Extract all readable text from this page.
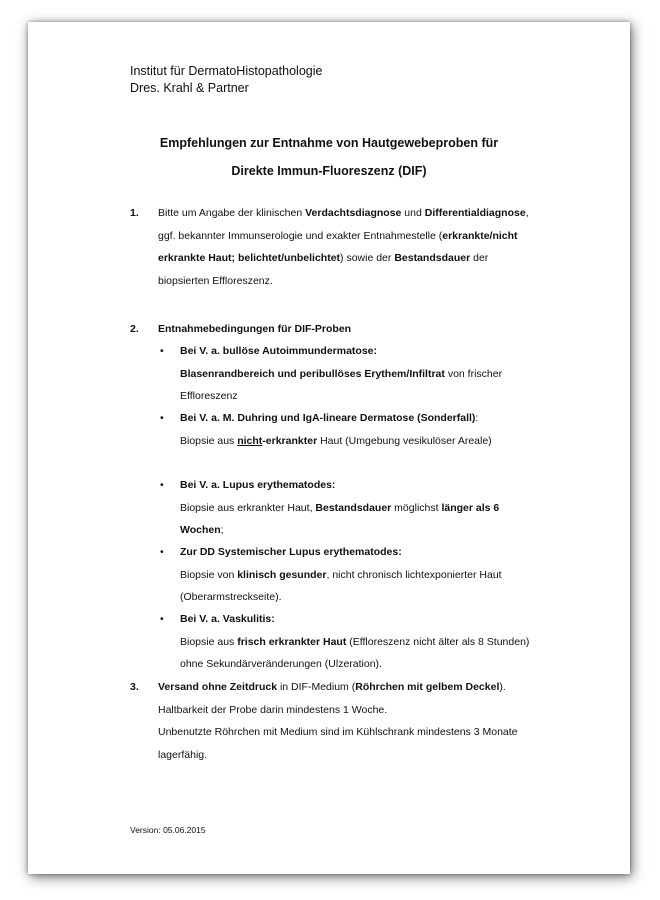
Institut für DermatoHistopathologie
Dres. Krahl & Partner
Empfehlungen zur Entnahme von Hautgewebeproben für
Direkte Immun-Fluoreszenz (DIF)
1. Bitte um Angabe der klinischen Verdachtsdiagnose und Differentialdiagnose,
ggf. bekannter Immunserologie und exakter Entnahmestelle (erkrankte/nicht
erkrankte Haut; belichtet/unbelichtet) sowie der Bestandsdauer der
biopsierten Effloreszenz.
2. Entnahmebedingungen für DIF-Proben
• Bei V. a. bullöse Autoimmundermatose:
Blasenrandbereich und peribullöses Erythem/Infiltrat von frischer
Effloreszenz
• Bei V. a. M. Duhring und IgA-lineare Dermatose (Sonderfall):
Biopsie aus nicht-erkrankter Haut (Umgebung vesikulöser Areale)
• Bei V. a. Lupus erythematodes:
Biopsie aus erkrankter Haut, Bestandsdauer möglichst länger als 6
Wochen;
• Zur DD Systemischer Lupus erythematodes:
Biopsie von klinisch gesunder, nicht chronisch lichtexponierter Haut
(Oberarmstreckseite).
• Bei V. a. Vaskulitis:
Biopsie aus frisch erkrankter Haut (Effloreszenz nicht älter als 8 Stunden)
ohne Sekundärveränderungen (Ulzeration).
3. Versand ohne Zeitdruck in DIF-Medium (Röhrchen mit gelbem Deckel).
Haltbarkeit der Probe darin mindestens 1 Woche.
Unbenutzte Röhrchen mit Medium sind im Kühlschrank mindestens 3 Monate
lagerfähig.
Version: 05.06.2015
